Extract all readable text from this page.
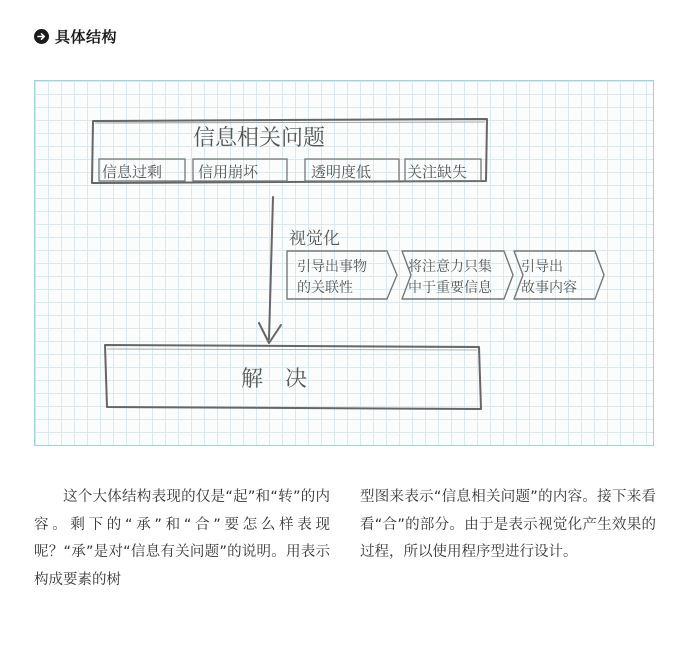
具体结构
信息相关问题
信息过剩 信用崩坏	透明度低 关注缺失
视觉化
引导出事物
的关联性
将注意力只集
中于重要信息
引导出
故事内容
解　决

这个大体结构表现的仅是“起”和“转”的内容。剩下的“承”和“合”要怎么样表现呢？“承”是对“信息有关问题”的说明。用表示构成要素的树

型图来表示“信息相关问题”的内容。接下来看看“合”的部分。由于是表示视觉化产生效果的过程，所以使用程序型进行设计。
